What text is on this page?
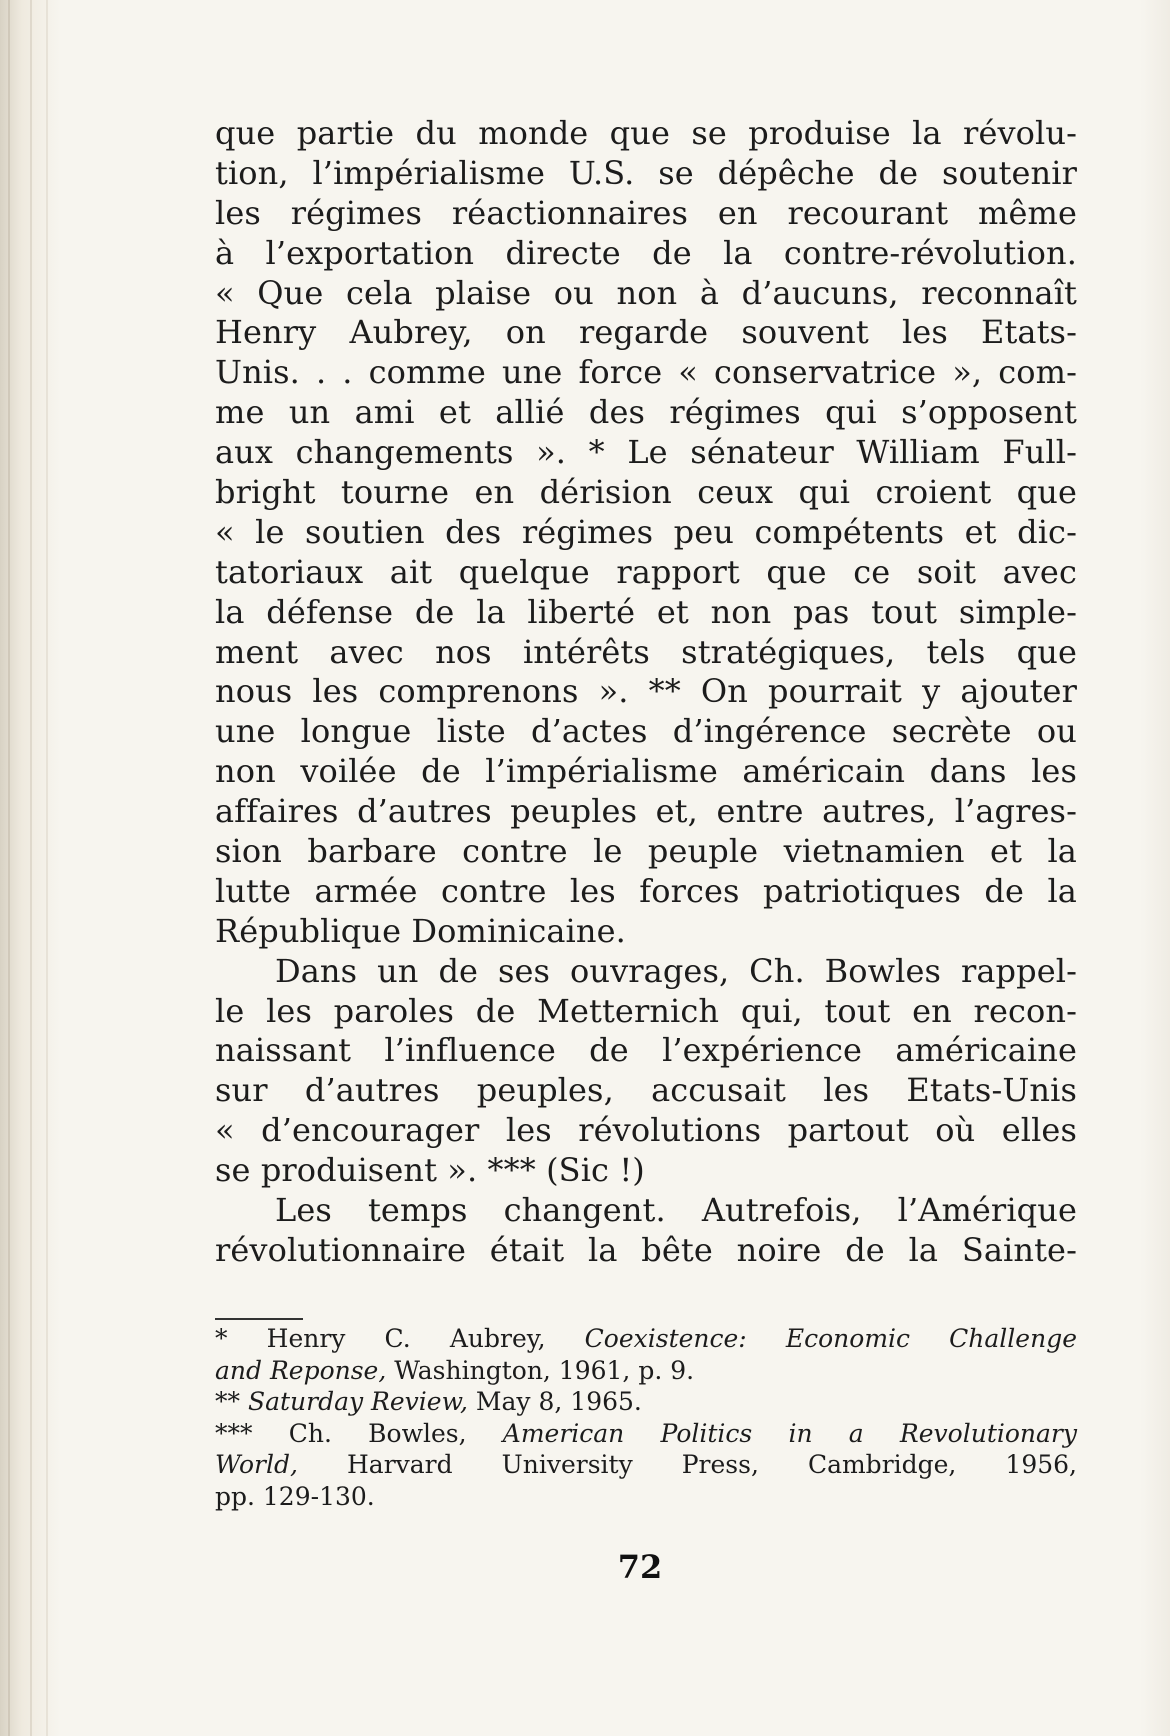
que partie du monde que se produise la révolu-
tion, l’impérialisme U.S. se dépêche de soutenir
les régimes réactionnaires en recourant même
à l’exportation directe de la contre-révolution.
« Que cela plaise ou non à d’aucuns, reconnaît
Henry Aubrey, on regarde souvent les Etats-
Unis. . . comme une force « conservatrice », com-
me un ami et allié des régimes qui s’opposent
aux changements ». * Le sénateur William Full-
bright tourne en dérision ceux qui croient que
« le soutien des régimes peu compétents et dic-
tatoriaux ait quelque rapport que ce soit avec
la défense de la liberté et non pas tout simple-
ment avec nos intérêts stratégiques, tels que
nous les comprenons ». ** On pourrait y ajouter
une longue liste d’actes d’ingérence secrète ou
non voilée de l’impérialisme américain dans les
affaires d’autres peuples et, entre autres, l’agres-
sion barbare contre le peuple vietnamien et la
lutte armée contre les forces patriotiques de la
République Dominicaine.
Dans un de ses ouvrages, Ch. Bowles rappel-
le les paroles de Metternich qui, tout en recon-
naissant l’influence de l’expérience américaine
sur d’autres peuples, accusait les Etats-Unis
« d’encourager les révolutions partout où elles
se produisent ». *** (Sic !)
Les temps changent. Autrefois, l’Amérique
révolutionnaire était la bête noire de la Sainte-
* Henry C. Aubrey, Coexistence: Economic Challenge
and Reponse, Washington, 1961, p. 9.
** Saturday Review, May 8, 1965.
*** Ch. Bowles, American Politics in a Revolutionary
World, Harvard University Press, Cambridge, 1956,
pp. 129-130.
72
